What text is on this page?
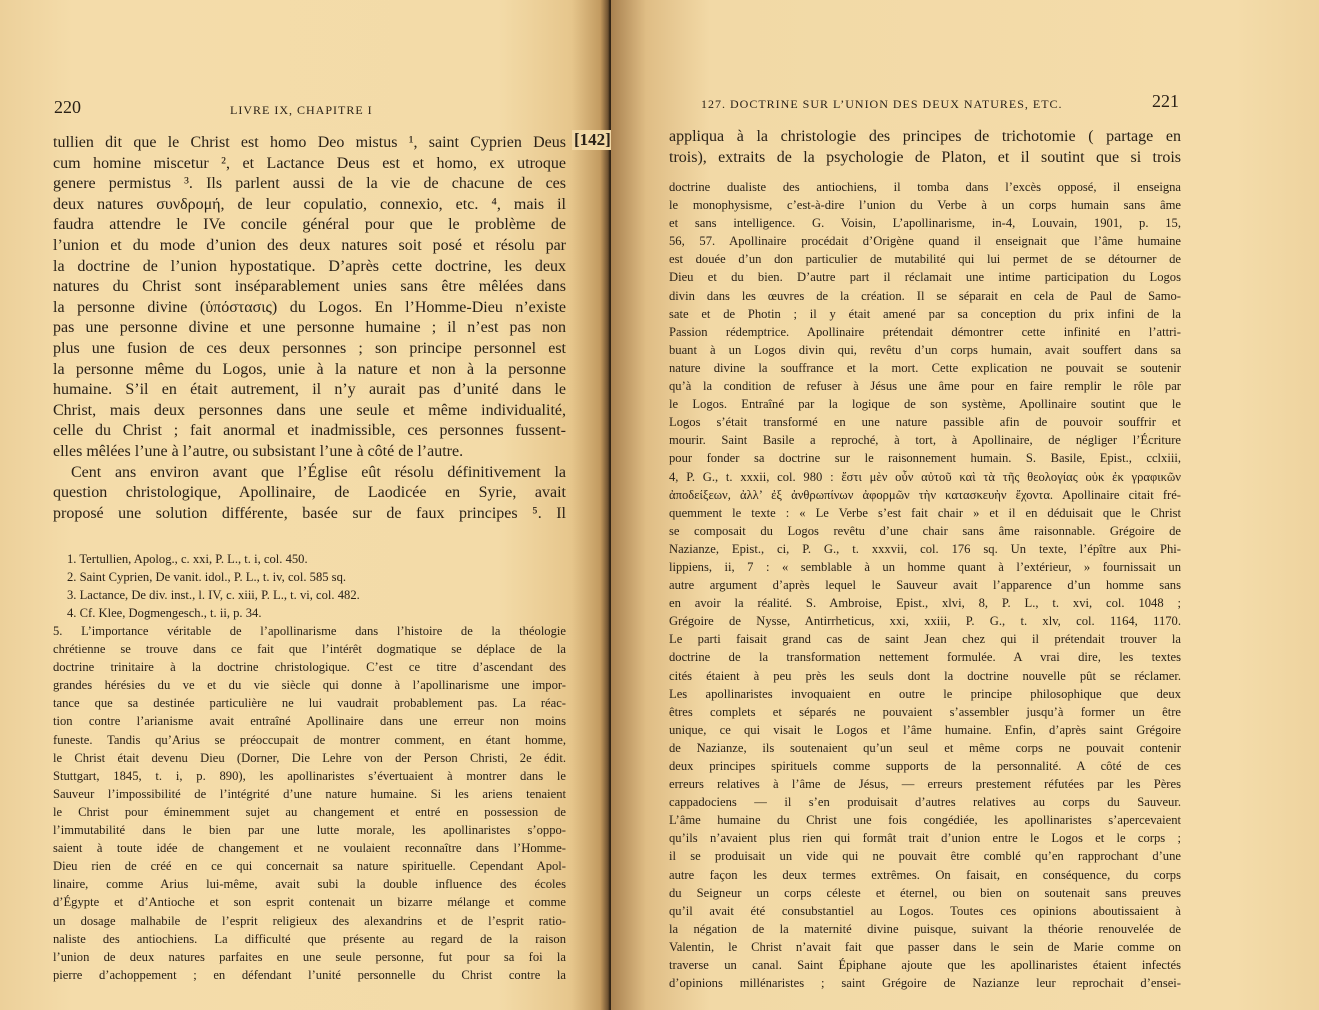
220	LIVRE IX, CHAPITRE I
tullien dit que le Christ est homo Deo mistus ¹, saint Cyprien Deus
cum homine miscetur ², et Lactance Deus est et homo, ex utroque
genere permistus ³. Ils parlent aussi de la vie de chacune de ces
deux natures συνδρομή, de leur copulatio, connexio, etc. ⁴, mais il
faudra attendre le IVe concile général pour que le problème de
l’union et du mode d’union des deux natures soit posé et résolu par
la doctrine de l’union hypostatique. D’après cette doctrine, les deux
natures du Christ sont inséparablement unies sans être mêlées dans
la personne divine (ὑπόστασις) du Logos. En l’Homme-Dieu n’existe
pas une personne divine et une personne humaine ; il n’est pas non
plus une fusion de ces deux personnes ; son principe personnel est
la personne même du Logos, unie à la nature et non à la personne
humaine. S’il en était autrement, il n’y aurait pas d’unité dans le
Christ, mais deux personnes dans une seule et même individualité,
celle du Christ ; fait anormal et inadmissible, ces personnes fussent-
elles mêlées l’une à l’autre, ou subsistant l’une à côté de l’autre.
Cent ans environ avant que l’Église eût résolu définitivement la
question christologique, Apollinaire, de Laodicée en Syrie, avait
proposé une solution différente, basée sur de faux principes ⁵. Il
1. Tertullien, Apolog., c. xxi, P. L., t. i, col. 450.
2. Saint Cyprien, De vanit. idol., P. L., t. iv, col. 585 sq.
3. Lactance, De div. inst., l. IV, c. xiii, P. L., t. vi, col. 482.
4. Cf. Klee, Dogmengesch., t. ii, p. 34.
5. L’importance véritable de l’apollinarisme dans l’histoire de la théologie
chrétienne se trouve dans ce fait que l’intérêt dogmatique se déplace de la
doctrine trinitaire à la doctrine christologique. C’est ce titre d’ascendant des
grandes hérésies du ve et du vie siècle qui donne à l’apollinarisme une impor-
tance que sa destinée particulière ne lui vaudrait probablement pas. La réac-
tion contre l’arianisme avait entraîné Apollinaire dans une erreur non moins
funeste. Tandis qu’Arius se préoccupait de montrer comment, en étant homme,
le Christ était devenu Dieu (Dorner, Die Lehre von der Person Christi, 2e édit.
Stuttgart, 1845, t. i, p. 890), les apollinaristes s’évertuaient à montrer dans le
Sauveur l’impossibilité de l’intégrité d’une nature humaine. Si les ariens tenaient
le Christ pour éminemment sujet au changement et entré en possession de
l’immutabilité dans le bien par une lutte morale, les apollinaristes s’oppo-
saient à toute idée de changement et ne voulaient reconnaître dans l’Homme-
Dieu rien de créé en ce qui concernait sa nature spirituelle. Cependant Apol-
linaire, comme Arius lui-même, avait subi la double influence des écoles
d’Égypte et d’Antioche et son esprit contenait un bizarre mélange et comme
un dosage malhabile de l’esprit religieux des alexandrins et de l’esprit ratio-
naliste des antiochiens. La difficulté que présente au regard de la raison
l’union de deux natures parfaites en une seule personne, fut pour sa foi la
pierre d’achoppement ; en défendant l’unité personnelle du Christ contre la
[142]
127. DOCTRINE SUR L’UNION DES DEUX NATURES, ETC.	221
appliqua à la christologie des principes de trichotomie ( partage en
trois), extraits de la psychologie de Platon, et il soutint que si trois
doctrine dualiste des antiochiens, il tomba dans l’excès opposé, il enseigna
le monophysisme, c’est-à-dire l’union du Verbe à un corps humain sans âme
et sans intelligence. G. Voisin, L’apollinarisme, in-4, Louvain, 1901, p. 15,
56, 57. Apollinaire procédait d’Origène quand il enseignait que l’âme humaine
est douée d’un don particulier de mutabilité qui lui permet de se détourner de
Dieu et du bien. D’autre part il réclamait une intime participation du Logos
divin dans les œuvres de la création. Il se séparait en cela de Paul de Samo-
sate et de Photin ; il y était amené par sa conception du prix infini de la
Passion rédemptrice. Apollinaire prétendait démontrer cette infinité en l’attri-
buant à un Logos divin qui, revêtu d’un corps humain, avait souffert dans sa
nature divine la souffrance et la mort. Cette explication ne pouvait se soutenir
qu’à la condition de refuser à Jésus une âme pour en faire remplir le rôle par
le Logos. Entraîné par la logique de son système, Apollinaire soutint que le
Logos s’était transformé en une nature passible afin de pouvoir souffrir et
mourir. Saint Basile a reproché, à tort, à Apollinaire, de négliger l’Écriture
pour fonder sa doctrine sur le raisonnement humain. S. Basile, Epist., cclxiii,
4, P. G., t. xxxii, col. 980 : ἔστι μὲν οὖν αὐτοῦ καὶ τὰ τῆς θεολογίας οὐκ ἐκ γραφικῶν
ἀποδείξεων, ἀλλ’ ἐξ ἀνθρωπίνων ἀφορμῶν τὴν κατασκευὴν ἔχοντα. Apollinaire citait fré-
quemment le texte : « Le Verbe s’est fait chair » et il en déduisait que le Christ
se composait du Logos revêtu d’une chair sans âme raisonnable. Grégoire de
Nazianze, Epist., ci, P. G., t. xxxvii, col. 176 sq. Un texte, l’épître aux Phi-
lippiens, ii, 7 : « semblable à un homme quant à l’extérieur, » fournissait un
autre argument d’après lequel le Sauveur avait l’apparence d’un homme sans
en avoir la réalité. S. Ambroise, Epist., xlvi, 8, P. L., t. xvi, col. 1048 ;
Grégoire de Nysse, Antirrheticus, xxi, xxiii, P. G., t. xlv, col. 1164, 1170.
Le parti faisait grand cas de saint Jean chez qui il prétendait trouver la
doctrine de la transformation nettement formulée. A vrai dire, les textes
cités étaient à peu près les seuls dont la doctrine nouvelle pût se réclamer.
Les apollinaristes invoquaient en outre le principe philosophique que deux
êtres complets et séparés ne pouvaient s’assembler jusqu’à former un être
unique, ce qui visait le Logos et l’âme humaine. Enfin, d’après saint Grégoire
de Nazianze, ils soutenaient qu’un seul et même corps ne pouvait contenir
deux principes spirituels comme supports de la personnalité. A côté de ces
erreurs relatives à l’âme de Jésus, — erreurs prestement réfutées par les Pères
cappadociens — il s’en produisait d’autres relatives au corps du Sauveur.
L’âme humaine du Christ une fois congédiée, les apollinaristes s’apercevaient
qu’ils n’avaient plus rien qui formât trait d’union entre le Logos et le corps ;
il se produisait un vide qui ne pouvait être comblé qu’en rapprochant d’une
autre façon les deux termes extrêmes. On faisait, en conséquence, du corps
du Seigneur un corps céleste et éternel, ou bien on soutenait sans preuves
qu’il avait été consubstantiel au Logos. Toutes ces opinions aboutissaient à
la négation de la maternité divine puisque, suivant la théorie renouvelée de
Valentin, le Christ n’avait fait que passer dans le sein de Marie comme on
traverse un canal. Saint Épiphane ajoute que les apollinaristes étaient infectés
d’opinions millénaristes ; saint Grégoire de Nazianze leur reprochait d’ensei-
